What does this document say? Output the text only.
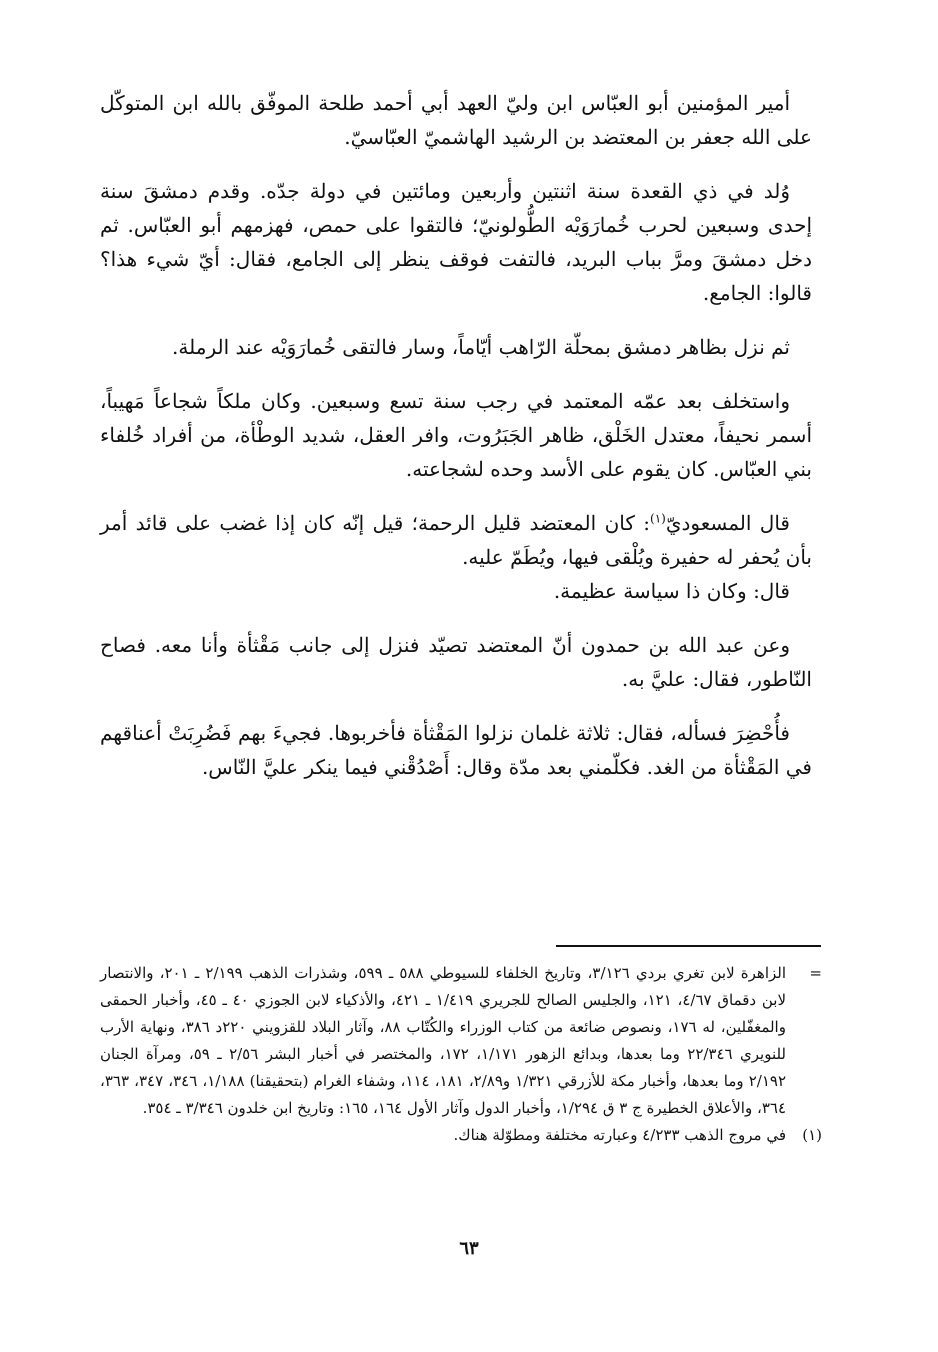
أمير المؤمنين أبو العبّاس ابن وليّ العهد أبي أحمد طلحة الموفّق بالله ابن المتوكّل على الله جعفر بن المعتضد بن الرشيد الهاشميّ العبّاسيّ.

وُلد في ذي القعدة سنة اثنتين وأربعين ومائتين في دولة جدّه. وقدم دمشقَ سنة إحدى وسبعين لحرب خُمارَوَيْه الطُّولونيّ؛ فالتقوا على حمص، فهزمهم أبو العبّاس. ثم دخل دمشقَ ومرَّ بباب البريد، فالتفت فوقف ينظر إلى الجامع، فقال: أيّ شيء هذا؟ قالوا: الجامع.

ثم نزل بظاهر دمشق بمحلّة الرّاهب أيّاماً، وسار فالتقى خُمارَوَيْه عند الرملة.

واستخلف بعد عمّه المعتمد في رجب سنة تسع وسبعين. وكان ملكاً شجاعاً مَهيباً، أسمر نحيفاً، معتدل الخَلْق، ظاهر الجَبَرُوت، وافر العقل، شديد الوطْأة، من أفراد خُلفاء بني العبّاس. كان يقوم على الأسد وحده لشجاعته.

قال المسعوديّ$^{(١)}$: كان المعتضد قليل الرحمة؛ قيل إنّه كان إذا غضب على قائد أمر بأن يُحفر له حفيرة ويُلْقى فيها، ويُطَمّ عليه.

قال: وكان ذا سياسة عظيمة.

وعن عبد الله بن حمدون أنّ المعتضد تصيّد فنزل إلى جانب مَقْثأة وأنا معه. فصاح النّاطور، فقال: عليَّ به.

فأُحْضِرَ فسأله، فقال: ثلاثة غلمان نزلوا المَقْثأة فأخربوها. فجيءَ بهم فَضُرِبَتْ أعناقهم في المَقْثأة من الغد. فكلّمني بعد مدّة وقال: أَصْدُقْني فيما ينكر عليَّ النّاس.

=
الزاهرة لابن تغري بردي ٣/١٢٦، وتاريخ الخلفاء للسيوطي ٥٨٨ ـ ٥٩٩، وشذرات الذهب ٢/١٩٩ ـ ٢٠١، والانتصار لابن دقماق ٤/٦٧، ١٢١، والجليس الصالح للجريري ١/٤١٩ ـ ٤٢١، والأذكياء لابن الجوزي ٤٠ ـ ٤٥، وأخبار الحمقى والمغفّلين، له ١٧٦، ونصوص ضائعة من كتاب الوزراء والكُتّاب ٨٨، وآثار البلاد للقزويني ٢٢٠د ٣٨٦، ونهاية الأرب للنويري ٢٢/٣٤٦ وما بعدها، وبدائع الزهور ١/١٧١، ١٧٢، والمختصر في أخبار البشر ٢/٥٦ ـ ٥٩، ومرآة الجنان ٢/١٩٢ وما بعدها، وأخبار مكة للأزرقي ١/٣٢١ و٢/٨٩، ١٨١، ١١٤، وشفاء الغرام (بتحقيقنا) ١/١٨٨، ٣٤٦، ٣٤٧، ٣٦٣، ٣٦٤، والأعلاق الخطيرة ج ٣ ق ١/٢٩٤، وأخبار الدول وآثار الأول ١٦٤، ١٦٥: وتاريخ ابن خلدون ٣/٣٤٦ ـ ٣٥٤.
(١)
في مروج الذهب ٤/٢٣٣ وعبارته مختلفة ومطوّلة هناك.
٦٣
